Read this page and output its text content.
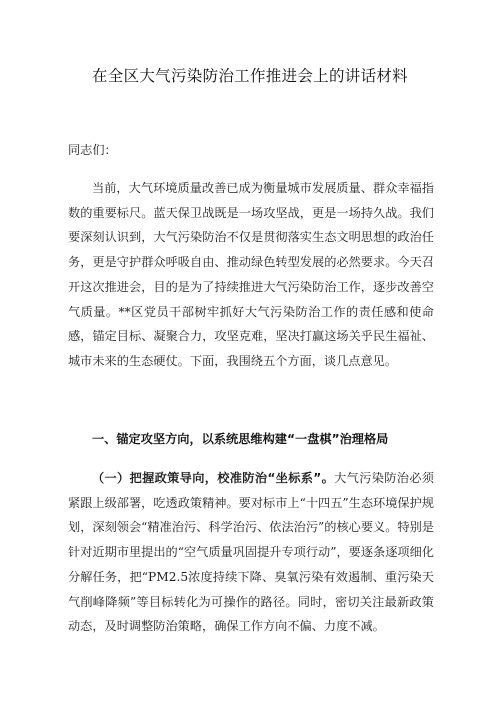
在全区大气污染防治工作推进会上的讲话材料
同志们：

当前，大气环境质量改善已成为衡量城市发展质量、群众幸福指数的重要标尺。蓝天保卫战既是一场攻坚战，更是一场持久战。我们要深刻认识到，大气污染防治不仅是贯彻落实生态文明思想的政治任务，更是守护群众呼吸自由、推动绿色转型发展的必然要求。今天召开这次推进会，目的是为了持续推进大气污染防治工作，逐步改善空气质量。**区党员干部树牢抓好大气污染防治工作的责任感和使命感，锚定目标、凝聚合力，攻坚克难，坚决打赢这场关乎民生福祉、城市未来的生态硬仗。下面，我围绕五个方面，谈几点意见。

一、锚定攻坚方向，以系统思维构建“一盘棋”治理格局

（一）把握政策导向，校准防治“坐标系”。大气污染防治必须紧跟上级部署，吃透政策精神。要对标市上“十四五”生态环境保护规划，深刻领会“精准治污、科学治污、依法治污”的核心要义。特别是针对近期市里提出的“空气质量巩固提升专项行动”，要逐条逐项细化分解任务，把“PM2.5浓度持续下降、臭氧污染有效遏制、重污染天气削峰降频”等目标转化为可操作的路径。同时，密切关注最新政策动态，及时调整防治策略，确保工作方向不偏、力度不减。
